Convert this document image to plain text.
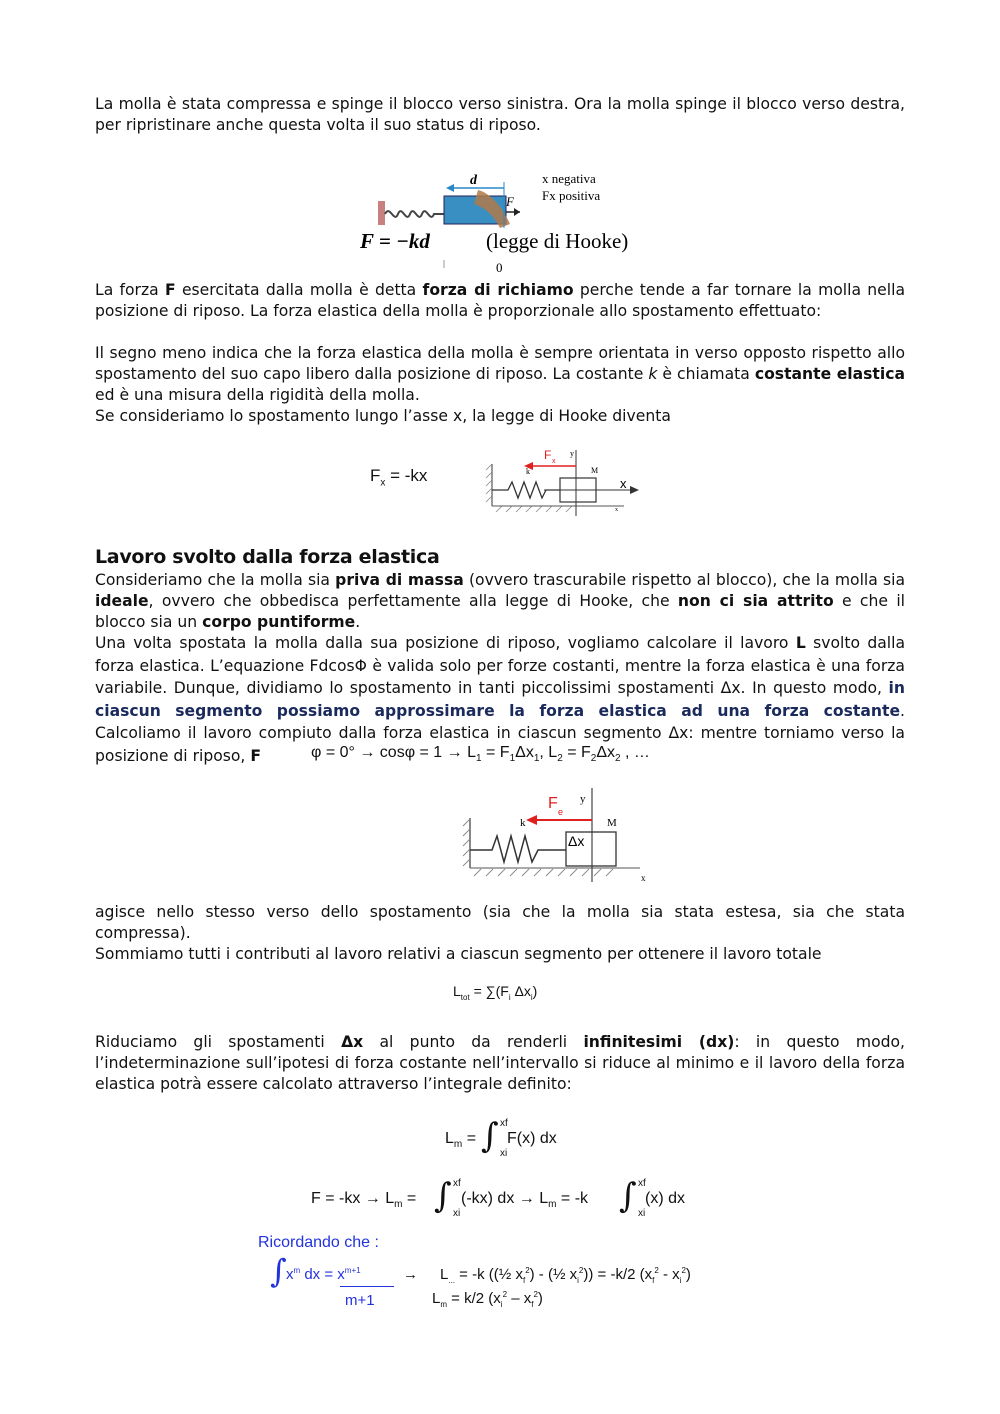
La molla è stata compressa e spinge il blocco verso sinistra. Ora la molla spinge il blocco verso destra, per ripristinare anche questa volta il suo status di riposo.

d
F
x negativa
Fx positiva
F = −kd	(legge di Hooke)
0

La forza F esercitata dalla molla è detta forza di richiamo perche tende a far tornare la molla nella posizione di riposo. La forza elastica della molla è proporzionale allo spostamento effettuato:

Il segno meno indica che la forza elastica della molla è sempre orientata in verso opposto rispetto allo spostamento del suo capo libero dalla posizione di riposo. La costante k è chiamata costante elastica ed è una misura della rigidità della molla.

Se consideriamo lo spostamento lungo l’asse x, la legge di Hooke diventa

$F_x = -kx$
F x
y
k	M
x
x
Lavoro svolto dalla forza elastica

Consideriamo che la molla sia priva di massa (ovvero trascurabile rispetto al blocco), che la molla sia ideale, ovvero che obbedisca perfettamente alla legge di Hooke, che non ci sia attrito e che il blocco sia un corpo puntiforme.

Una volta spostata la molla dalla sua posizione di riposo, vogliamo calcolare il lavoro L svolto dalla forza elastica. L’equazione FdcosΦ è valida solo per forze costanti, mentre la forza elastica è una forza variabile. Dunque, dividiamo lo spostamento in tanti piccolissimi spostamenti Δx. In questo modo, in ciascun segmento possiamo approssimare la forza elastica ad una forza costante. Calcoliamo il lavoro compiuto dalla forza elastica in ciascun segmento Δx: mentre torniamo verso la posizione di riposo, F	$\varphi = 0^\circ \to \cos\varphi = 1 \to L_1 = F_1\Delta x_1$, $L_2 = F_2\Delta x_2$ , …
F e
y
k	M
Δx
x

agisce nello stesso verso dello spostamento (sia che la molla sia stata estesa, sia che stata compressa).

Sommiamo tutti i contributi al lavoro relativi a ciascun segmento per ottenere il lavoro totale

$L_{tot} = \sum(F_i$ $\Delta x_i$)

Riduciamo gli spostamenti Δx al punto da renderli infinitesimi (dx): in questo modo, l’indeterminazione sull’ipotesi di forza costante nell’intervallo si riduce al minimo e il lavoro della forza elastica potrà essere calcolato attraverso l’integrale definito:

$L_m$ = ∫ xf
xi
F(x) dx
$F = -kx \to L_m$ = ∫ xf
xi
(-kx) dx → $L_m = -k$ ∫ xf
xi
(x) dx
Ricordando che :
∫ $x^m$ dx = $x^{m+1}$
m+1
→ $L_{...} = -k$ ((½ $x_f^2$) - (½ $x_i^2)) = -k/2$ $(x_f^2 - x_i^2)$
$L_m = k/2$ $(x_i^2 - x_f^2)$
